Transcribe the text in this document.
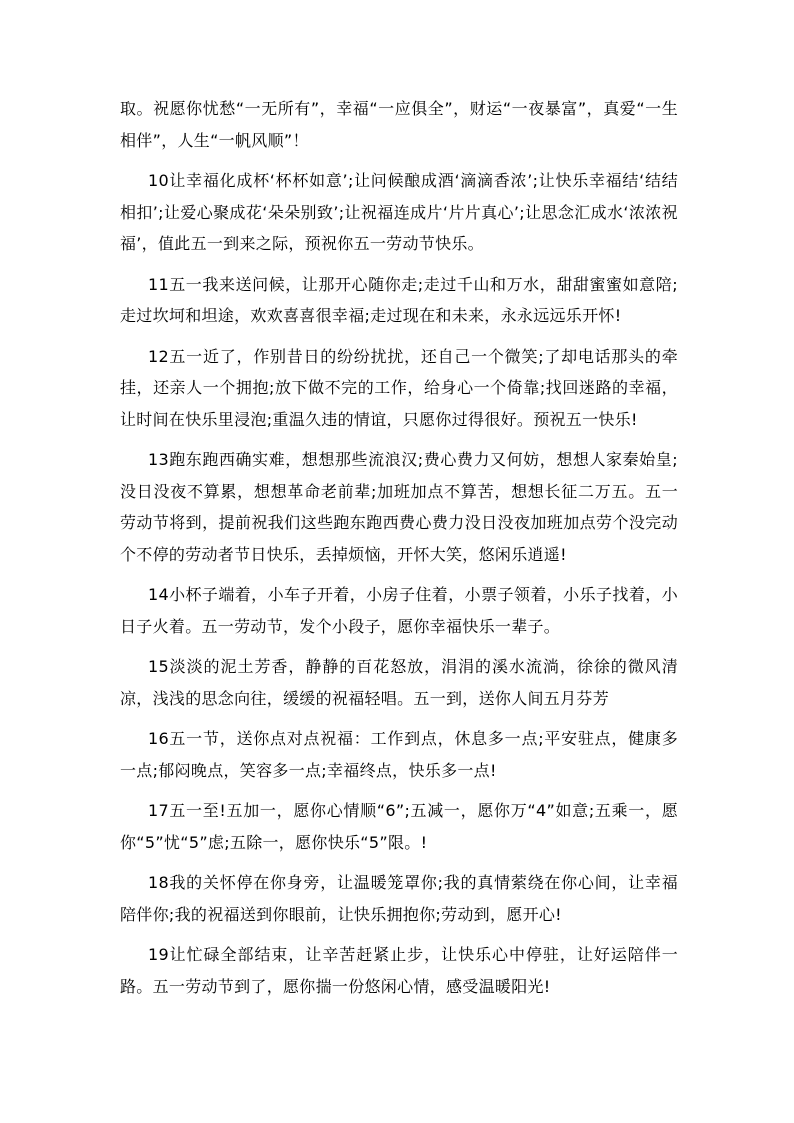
取。祝愿你忧愁“一无所有”，幸福“一应俱全”，财运“一夜暴富”，真爱“一生相伴”，人生“一帆风顺”！

10让幸福化成杯‘杯杯如意’;让问候酿成酒‘滴滴香浓’;让快乐幸福结‘结结相扣’;让爱心聚成花‘朵朵别致’;让祝福连成片‘片片真心’;让思念汇成水‘浓浓祝福’，值此五一到来之际，预祝你五一劳动节快乐。

11五一我来送问候，让那开心随你走;走过千山和万水，甜甜蜜蜜如意陪;走过坎坷和坦途，欢欢喜喜很幸福;走过现在和未来，永永远远乐开怀!

12五一近了，作别昔日的纷纷扰扰，还自己一个微笑;了却电话那头的牵挂，还亲人一个拥抱;放下做不完的工作，给身心一个倚靠;找回迷路的幸福，让时间在快乐里浸泡;重温久违的情谊，只愿你过得很好。预祝五一快乐!

13跑东跑西确实难，想想那些流浪汉;费心费力又何妨，想想人家秦始皇;没日没夜不算累，想想革命老前辈;加班加点不算苦，想想长征二万五。五一劳动节将到，提前祝我们这些跑东跑西费心费力没日没夜加班加点劳个没完动个不停的劳动者节日快乐，丢掉烦恼，开怀大笑，悠闲乐逍遥!

14小杯子端着，小车子开着，小房子住着，小票子领着，小乐子找着，小日子火着。五一劳动节，发个小段子，愿你幸福快乐一辈子。

15淡淡的泥土芳香，静静的百花怒放，涓涓的溪水流淌，徐徐的微风清凉，浅浅的思念向往，缓缓的祝福轻唱。五一到，送你人间五月芬芳

16五一节，送你点对点祝福：工作到点，休息多一点;平安驻点，健康多一点;郁闷晚点，笑容多一点;幸福终点，快乐多一点!

17五一至!五加一，愿你心情顺“6”;五减一，愿你万“4”如意;五乘一，愿你“5”忧“5”虑;五除一，愿你快乐“5”限。!

18我的关怀停在你身旁，让温暖笼罩你;我的真情萦绕在你心间，让幸福陪伴你;我的祝福送到你眼前，让快乐拥抱你;劳动到，愿开心!

19让忙碌全部结束，让辛苦赶紧止步，让快乐心中停驻，让好运陪伴一路。五一劳动节到了，愿你揣一份悠闲心情，感受温暖阳光!
